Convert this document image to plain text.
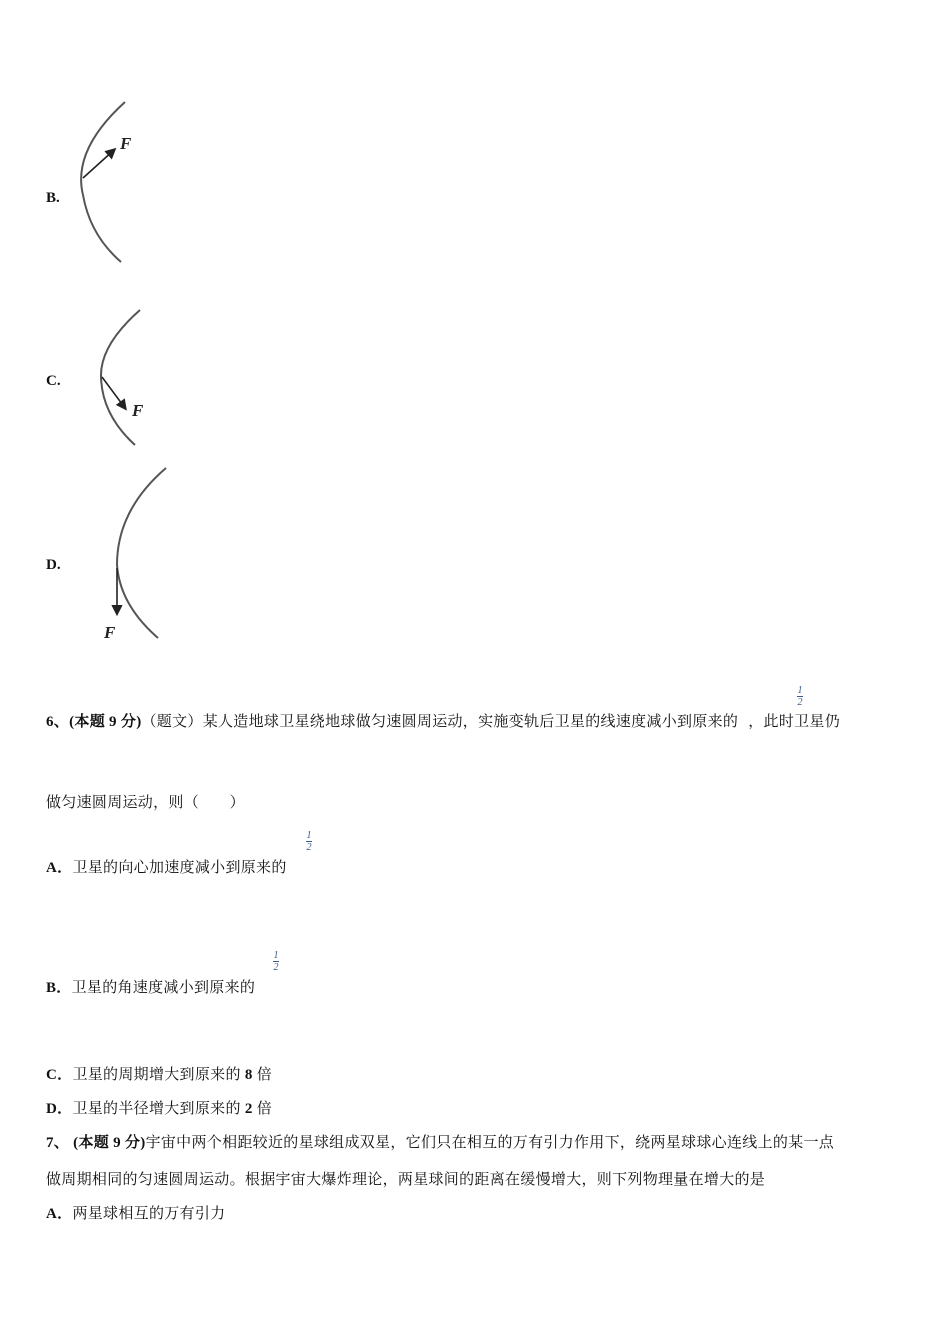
B.
C.
D.
F
F
F
6、(本题 9 分)（题文）某人造地球卫星绕地球做匀速圆周运动，实施变轨后卫星的线速度减小到原来的 ，此时卫星仍
1
2
做匀速圆周运动，则（　　）
A．卫星的向心加速度减小到原来的
1
2
B．卫星的角速度减小到原来的
1
2
C．卫星的周期增大到原来的 8 倍
D．卫星的半径增大到原来的 2 倍
7、 (本题 9 分)宇宙中两个相距较近的星球组成双星，它们只在相互的万有引力作用下，绕两星球球心连线上的某一点
做周期相同的匀速圆周运动。根据宇宙大爆炸理论，两星球间的距离在缓慢增大，则下列物理量在增大的是
A．两星球相互的万有引力
